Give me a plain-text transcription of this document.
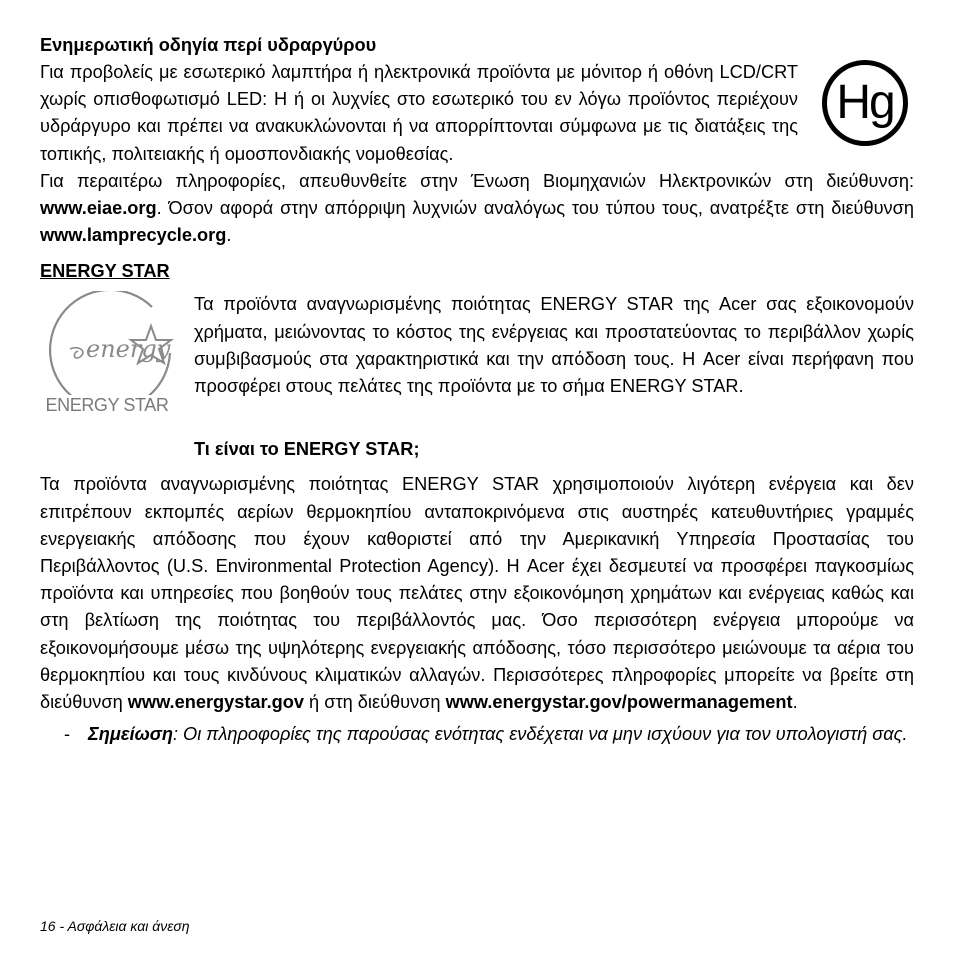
Ενημερωτική οδηγία περί υδραργύρου

Για προβολείς με εσωτερικό λαμπτήρα ή ηλεκτρονικά προϊόντα με μόνιτορ ή οθόνη LCD/CRT χωρίς οπισθοφωτισμό LED: Η ή οι λυχνίες στο εσωτερικό του εν λόγω προϊόντος περιέχουν υδράργυρο και πρέπει να ανακυκλώνονται ή να απορρίπτονται σύμφωνα με τις διατάξεις της τοπικής, πολιτειακής ή ομοσπονδιακής νομοθεσίας.

Hg

Για περαιτέρω πληροφορίες, απευθυνθείτε στην Ένωση Βιομηχανιών Ηλεκτρονικών στη διεύθυνση: www.eiae.org. Όσον αφορά στην απόρριψη λυχνιών αναλόγως του τύπου τους, ανατρέξτε στη διεύθυνση www.lamprecycle.org.

ENERGY STAR
energy
ENERGY STAR

Τα προϊόντα αναγνωρισμένης ποιότητας ENERGY STAR της Acer σας εξοικονομούν χρήματα, μειώνοντας το κόστος της ενέργειας και προστατεύοντας το περιβάλλον χωρίς συμβιβασμούς στα χαρακτηριστικά και την απόδοση τους. Η Acer είναι περήφανη που προσφέρει στους πελάτες της προϊόντα με το σήμα ENERGY STAR.

Τι είναι το ENERGY STAR;

Τα προϊόντα αναγνωρισμένης ποιότητας ENERGY STAR χρησιμοποιούν λιγότερη ενέργεια και δεν επιτρέπουν εκπομπές αερίων θερμοκηπίου ανταποκρινόμενα στις αυστηρές κατευθυντήριες γραμμές ενεργειακής απόδοσης που έχουν καθοριστεί από την Αμερικανική Υπηρεσία Προστασίας του Περιβάλλοντος (U.S. Environmental Protection Agency). Η Acer έχει δεσμευτεί να προσφέρει παγκοσμίως προϊόντα και υπηρεσίες που βοηθούν τους πελάτες στην εξοικονόμηση χρημάτων και ενέργειας καθώς και στη βελτίωση της ποιότητας του περιβάλλοντός μας. Όσο περισσότερη ενέργεια μπορούμε να εξοικονομήσουμε μέσω της υψηλότερης ενεργειακής απόδοσης, τόσο περισσότερο μειώνουμε τα αέρια του θερμοκηπίου και τους κινδύνους κλιματικών αλλαγών. Περισσότερες πληροφορίες μπορείτε να βρείτε στη διεύθυνση www.energystar.gov ή στη διεύθυνση www.energystar.gov/powermanagement.

- Σημείωση: Οι πληροφορίες της παρούσας ενότητας ενδέχεται να μην ισχύουν για τον υπολογιστή σας.
16 - Ασφάλεια και άνεση
